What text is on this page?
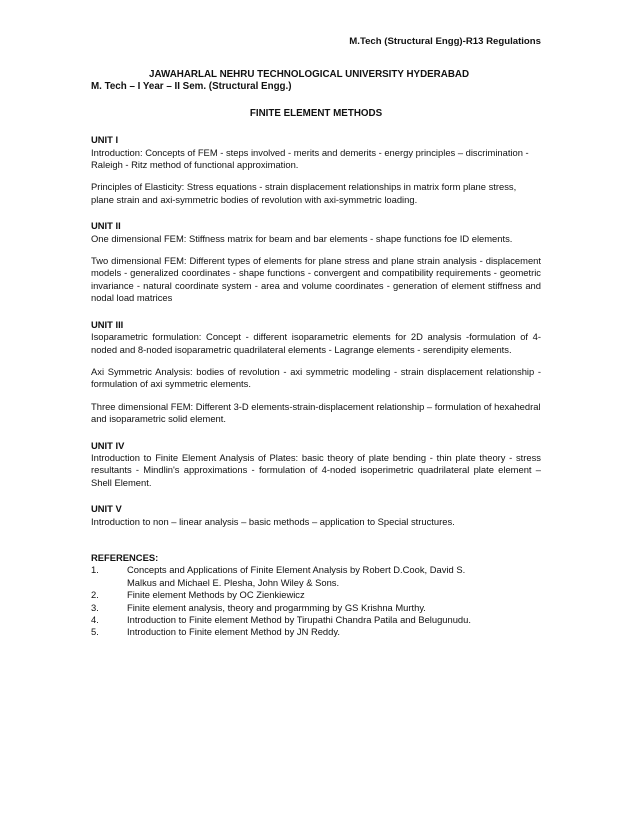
M.Tech (Structural Engg)-R13 Regulations
JAWAHARLAL NEHRU TECHNOLOGICAL UNIVERSITY HYDERABAD
M. Tech – I Year – II Sem. (Structural Engg.)
FINITE ELEMENT METHODS
UNIT I

Introduction: Concepts of FEM - steps involved - merits and demerits - energy principles – discrimination - Raleigh - Ritz method of functional approximation.

Principles of Elasticity: Stress equations - strain displacement relationships in matrix form plane stress, plane strain and axi-symmetric bodies of revolution with axi-symmetric loading.

UNIT II

One dimensional FEM: Stiffness matrix for beam and bar elements - shape functions foe ID elements.

Two dimensional FEM: Different types of elements for plane stress and plane strain analysis - displacement models - generalized coordinates - shape functions - convergent and compatibility requirements - geometric invariance - natural coordinate system - area and volume coordinates - generation of element stiffness and nodal load matrices

UNIT III

Isoparametric formulation: Concept - different isoparametric elements for 2D analysis -formulation of 4-noded and 8-noded isoparametric quadrilateral elements - Lagrange elements - serendipity elements.

Axi Symmetric Analysis: bodies of revolution - axi symmetric modeling - strain displacement relationship - formulation of axi symmetric elements.

Three dimensional FEM: Different 3-D elements-strain-displacement relationship – formulation of hexahedral and isoparametric solid element.

UNIT IV

Introduction to Finite Element Analysis of Plates: basic theory of plate bending - thin plate theory - stress resultants - Mindlin's approximations - formulation of 4-noded isoperimetric quadrilateral plate element – Shell Element.

UNIT V

Introduction to non – linear analysis – basic methods – application to Special structures.

REFERENCES:
1.	Concepts and Applications of Finite Element Analysis by Robert D.Cook, David S.
Malkus and Michael E. Plesha, John Wiley & Sons.
2.	Finite element Methods by OC Zienkiewicz
3.	Finite element analysis, theory and progarmming by GS Krishna Murthy.
4.	Introduction to Finite element Method by Tirupathi Chandra Patila and Belugunudu.
5.	Introduction to Finite element Method by JN Reddy.
